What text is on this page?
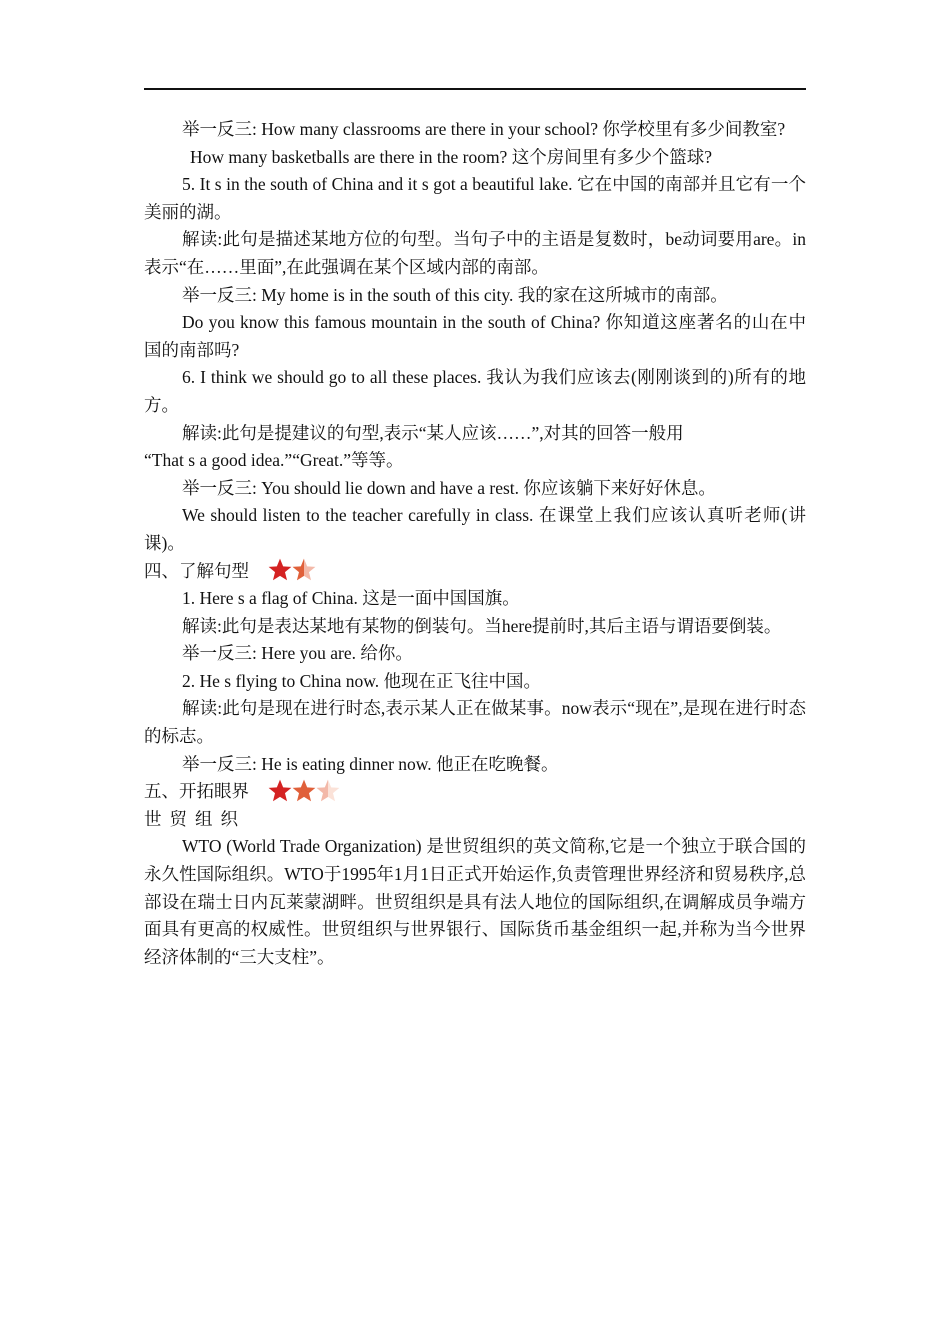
举一反三: How many classrooms are there in your school? 你学校里有多少间教室?

How many basketballs are there in the room? 这个房间里有多少个篮球?

5. It s in the south of China and it s got a beautiful lake. 它在中国的南部并且它有一个美丽的湖。

解读:此句是描述某地方位的句型。当句子中的主语是复数时，be动词要用are。in表示“在……里面”,在此强调在某个区域内部的南部。

举一反三: My home is in the south of this city. 我的家在这所城市的南部。

Do you know this famous mountain in the south of China? 你知道这座著名的山在中国的南部吗?

6. I think we should go to all these places. 我认为我们应该去(刚刚谈到的)所有的地方。

解读:此句是提建议的句型,表示“某人应该……”,对其的回答一般用

“That s a good idea.”“Great.”等等。

举一反三: You should lie down and have a rest. 你应该躺下来好好休息。

We should listen to the teacher carefully in class. 在课堂上我们应该认真听老师(讲课)。

四、了解句型

1. Here s a flag of China. 这是一面中国国旗。

解读:此句是表达某地有某物的倒装句。当here提前时,其后主语与谓语要倒装。

举一反三: Here you are. 给你。

2. He s flying to China now. 他现在正飞往中国。

解读:此句是现在进行时态,表示某人正在做某事。now表示“现在”,是现在进行时态的标志。

举一反三: He is eating dinner now. 他正在吃晚餐。

五、开拓眼界

世贸组织

WTO (World Trade Organization) 是世贸组织的英文简称,它是一个独立于联合国的永久性国际组织。WTO于1995年1月1日正式开始运作,负责管理世界经济和贸易秩序,总部设在瑞士日内瓦莱蒙湖畔。世贸组织是具有法人地位的国际组织,在调解成员争端方面具有更高的权威性。世贸组织与世界银行、国际货币基金组织一起,并称为当今世界经济体制的“三大支柱”。
